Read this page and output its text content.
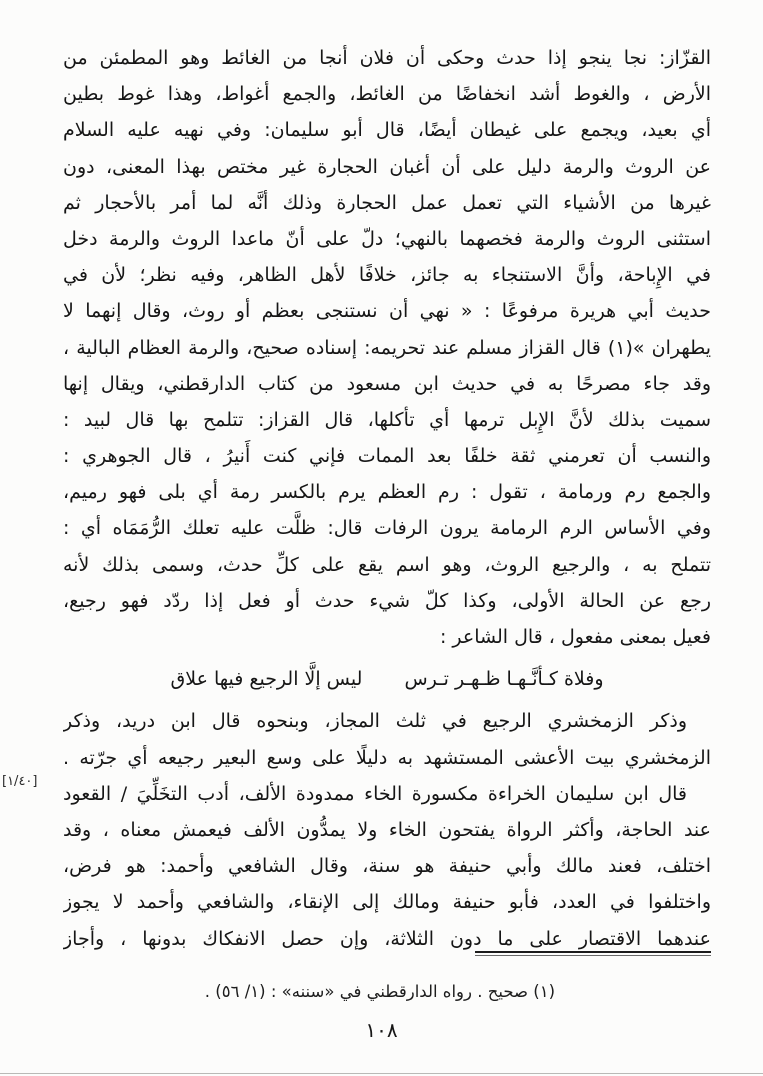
[١/٤٠]
القزّاز: نجا ينجو إذا حدث وحكى أن فلان أنجا من الغائط وهو المطمئن من
الأرض ، والغوط أشد انخفاضًا من الغائط، والجمع أغواط، وهذا غوط بطين
أي بعيد، ويجمع على غيطان أيضًا، قال أبو سليمان: وفي نهيه عليه السلام
عن الروث والرمة دليل على أن أغبان الحجارة غير مختص بهذا المعنى، دون
غيرها من الأشياء التي تعمل عمل الحجارة وذلك أنَّه لما أمر بالأحجار ثم
استثنى الروث والرمة فخصهما بالنهي؛ دلّ على أنّ ماعدا الروث والرمة دخل
في الإِباحة، وأنَّ الاستنجاء به جائز، خلافًا لأهل الظاهر، وفيه نظر؛ لأن في
حديث أبي هريرة مرفوعًا : « نهي أن نستنجى بعظم أو روث، وقال إنهما لا
يطهران »(١) قال القزاز مسلم عند تحريمه: إسناده صحيح، والرمة العظام البالية ،
وقد جاء مصرحًا به في حديث ابن مسعود من كتاب الدارقطني، ويقال إنها
سميت بذلك لأنَّ الإِبل ترمها أي تأكلها، قال القزاز: تتلمح بها قال لبيد :
والنسب أن تعرمني ثقة خلفًا بعد الممات فإني كنت أَنيرُ ، قال الجوهري :
والجمع رم ورمامة ، تقول : رم العظم يرم بالكسر رمة أي بلى فهو رميم،
وفي الأساس الرم الرمامة يرون الرفات قال: ظلَّت عليه تعلك الرُّمَمَاه أي :
تتملح به ، والرجيع الروث، وهو اسم يقع على كلِّ حدث، وسمى بذلك لأنه
رجع عن الحالة الأولى، وكذا كلّ شيء حدث أو فعل إذا ردّد فهو رجيع،
فعيل بمعنى مفعول ، قال الشاعر :
وفلاة كـأنَّـهـا ظـهـر تـرس
ليس إلَّا الرجيع فيها علاق
وذكر الزمخشري الرجيع في ثلث المجاز، وبنحوه قال ابن دريد، وذكر
الزمخشري بيت الأعشى المستشهد به دليلًا على وسع البعير رجيعه أي جرّته .
قال ابن سليمان الخراءة مكسورة الخاء ممدودة الألف، أدب التخَلِّيَ / القعود
عند الحاجة، وأكثر الرواة يفتحون الخاء ولا يمدُّون الألف فيعمش معناه ، وقد
اختلف، فعند مالك وأبي حنيفة هو سنة، وقال الشافعي وأحمد: هو فرض،
واختلفوا في العدد، فأبو حنيفة ومالك إلى الإنقاء، والشافعي وأحمد لا يجوز
عندهما الاقتصار على ما دون الثلاثة، وإن حصل الانفكاك بدونها ، وأجاز
(١) صحيح . رواه الدارقطني في «سننه» : (١/ ٥٦) .
١٠٨
